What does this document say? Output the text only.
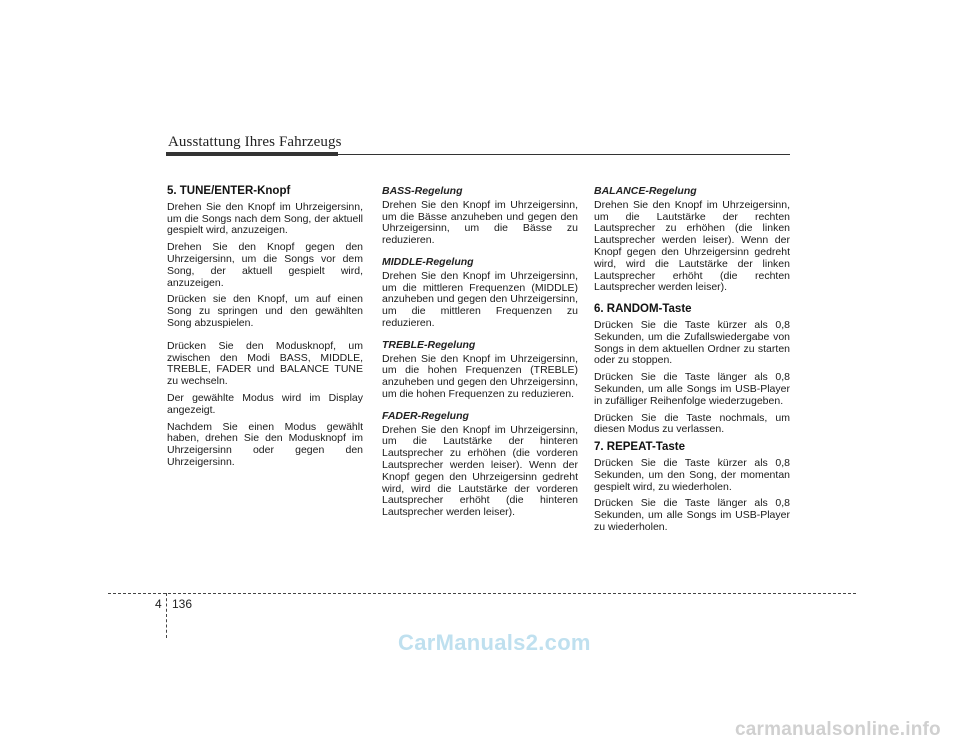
Ausstattung Ihres Fahrzeugs
5. TUNE/ENTER-Knopf

Drehen Sie den Knopf im Uhrzeigersinn, um die Songs nach dem Song, der aktuell gespielt wird, anzuzeigen.

Drehen Sie den Knopf gegen den Uhrzeigersinn, um die Songs vor dem Song, der aktuell gespielt wird, anzuzeigen.

Drücken sie den Knopf, um auf einen Song zu springen und den gewählten Song abzuspielen.

Drücken Sie den Modusknopf, um zwischen den Modi BASS, MIDDLE, TREBLE, FADER und BALANCE TUNE zu wechseln.

Der gewählte Modus wird im Display angezeigt.

Nachdem Sie einen Modus gewählt haben, drehen Sie den Modusknopf im Uhrzeigersinn oder gegen den Uhrzeigersinn.

BASS-Regelung

Drehen Sie den Knopf im Uhrzeigersinn, um die Bässe anzuheben und gegen den Uhrzeigersinn, um die Bässe zu reduzieren.

MIDDLE-Regelung

Drehen Sie den Knopf im Uhrzeigersinn, um die mittleren Frequenzen (MIDDLE) anzuheben und gegen den Uhrzeigersinn, um die mittleren Frequenzen zu reduzieren.

TREBLE-Regelung

Drehen Sie den Knopf im Uhrzeigersinn, um die hohen Frequenzen (TREBLE) anzuheben und gegen den Uhrzeigersinn, um die hohen Frequenzen zu reduzieren.

FADER-Regelung

Drehen Sie den Knopf im Uhrzeigersinn, um die Lautstärke der hinteren Lautsprecher zu erhöhen (die vorderen Lautsprecher werden leiser). Wenn der Knopf gegen den Uhrzeigersinn gedreht wird, wird die Lautstärke der vorderen Lautsprecher erhöht (die hinteren Lautsprecher werden leiser).

BALANCE-Regelung

Drehen Sie den Knopf im Uhrzeigersinn, um die Lautstärke der rechten Lautsprecher zu erhöhen (die linken Lautsprecher werden leiser). Wenn der Knopf gegen den Uhrzeigersinn gedreht wird, wird die Lautstärke der linken Lautsprecher erhöht (die rechten Lautsprecher werden leiser).

6. RANDOM-Taste

Drücken Sie die Taste kürzer als 0,8 Sekunden, um die Zufallswiedergabe von Songs in dem aktuellen Ordner zu starten oder zu stoppen.

Drücken Sie die Taste länger als 0,8 Sekunden, um alle Songs im USB-Player in zufälliger Reihenfolge wiederzugeben.

Drücken Sie die Taste nochmals, um diesen Modus zu verlassen.

7. REPEAT-Taste

Drücken Sie die Taste kürzer als 0,8 Sekunden, um den Song, der momentan gespielt wird, zu wiederholen.

Drücken Sie die Taste länger als 0,8 Sekunden, um alle Songs im USB-Player zu wiederholen.

4 136
CarManuals2.com
carmanualsonline.info
